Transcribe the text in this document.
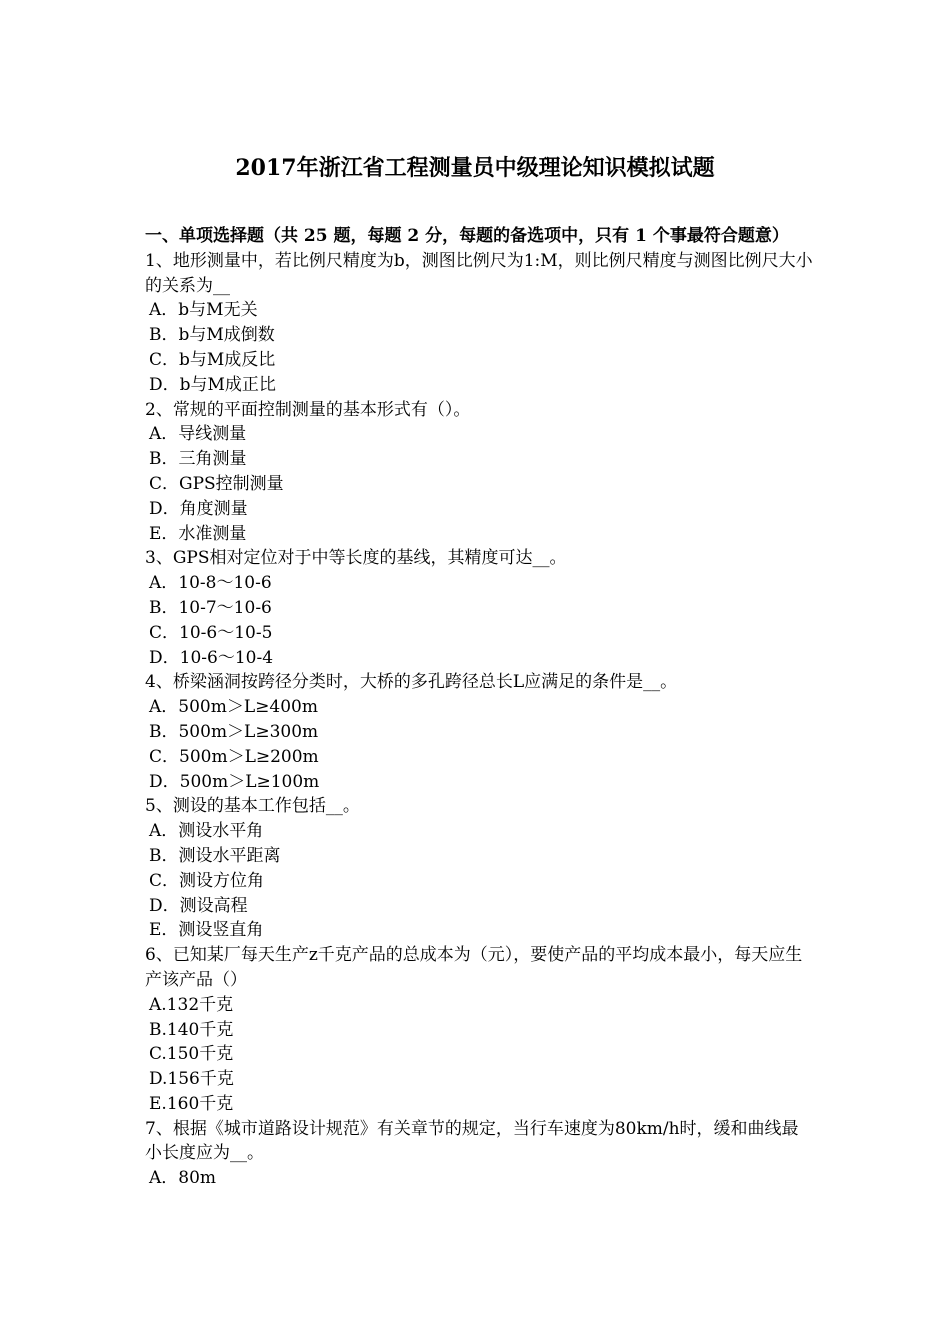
2017年浙江省工程测量员中级理论知识模拟试题
一、单项选择题（共 25 题，每题 2 分，每题的备选项中，只有 1 个事最符合题意）

1、地形测量中，若比例尺精度为b，测图比例尺为1:M，则比例尺精度与测图比例尺大小的关系为__

A．b与M无关
B．b与M成倒数
C．b与M成反比
D．b与M成正比

2、常规的平面控制测量的基本形式有（）。

A．导线测量
B．三角测量
C．GPS控制测量
D．角度测量
E．水准测量

3、GPS相对定位对于中等长度的基线，其精度可达__。

A．10-8～10-6
B．10-7～10-6
C．10-6～10-5
D．10-6～10-4

4、桥梁涵洞按跨径分类时，大桥的多孔跨径总长L应满足的条件是__。

A．500m＞L≥400m
B．500m＞L≥300m
C．500m＞L≥200m
D．500m＞L≥100m

5、测设的基本工作包括__。

A．测设水平角
B．测设水平距离
C．测设方位角
D．测设高程
E．测设竖直角

6、已知某厂每天生产z千克产品的总成本为（元），要使产品的平均成本最小，每天应生产该产品（）

A.132千克
B.140千克
C.150千克
D.156千克
E.160千克

7、根据《城市道路设计规范》有关章节的规定，当行车速度为80km/h时，缓和曲线最小长度应为__。

A．80m
